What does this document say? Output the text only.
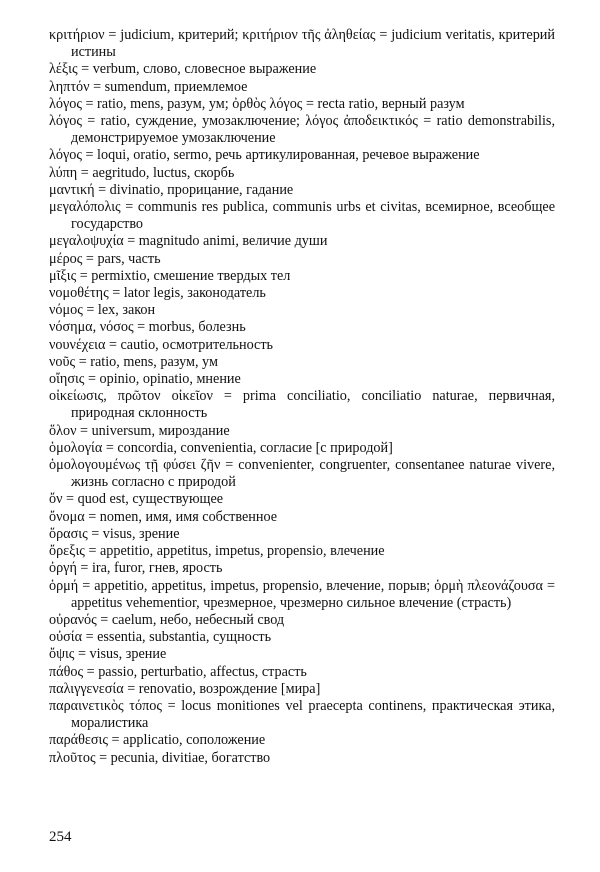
κριτήριον = judicium, критерий; κριτήριον τῆς ἀληθείας = judicium veritatis, критерий истины

λέξις = verbum, слово, словесное выражение

ληπτόν = sumendum, приемлемое

λόγος = ratio, mens, разум, ум; ὀρθὸς λόγος = recta ratio, верный разум

λόγος = ratio, суждение, умозаключение; λόγος ἀποδεικτικός = ratio demonstrabilis, демонстрируемое умозаключение

λόγος = loqui, oratio, sermo, речь артикулированная, речевое выражение

λύπη = aegritudo, luctus, скорбь

μαντική = divinatio, прорицание, гадание

μεγαλόπολις = communis res publica, communis urbs et civitas, всемирное, всеобщее государство

μεγαλοψυχία = magnitudo animi, величие души

μέρος = pars, часть

μῖξις = permixtio, смешение твердых тел

νομοθέτης = lator legis, законодатель

νόμος = lex, закон

νόσημα, νόσος = morbus, болезнь

νουνέχεια = cautio, осмотрительность

νοῦς = ratio, mens, разум, ум

οἴησις = opinio, opinatio, мнение

οἰκείωσις, πρῶτον οἰκεῖον = prima conciliatio, conciliatio naturae, первичная, природная склонность

ὅλον = universum, мироздание

ὁμολογία = concordia, convenientia, согласие [с природой]

ὁμολογουμένως τῇ φύσει ζῆν = convenienter, congruenter, consentanee naturae vivere, жизнь согласно с природой

ὄν = quod est, существующее

ὄνομα = nomen, имя, имя собственное

ὅρασις = visus, зрение

ὄρεξις = appetitio, appetitus, impetus, propensio, влечение

ὀργή = ira, furor, гнев, ярость

ὁρμή = appetitio, appetitus, impetus, propensio, влечение, порыв; ὁρμὴ πλεονάζουσα = appetitus vehementior, чрезмерное, чрезмерно сильное влечение (страсть)

οὐρανός = caelum, небо, небесный свод

οὐσία = essentia, substantia, сущность

ὄψις = visus, зрение

πάθος = passio, perturbatio, affectus, страсть

παλιγγενεσία = renovatio, возрождение [мира]

παραινετικὸς τόπος = locus monitiones vel praecepta continens, практическая этика, моралистика

παράθεσις = applicatio, соположение

πλοῦτος = pecunia, divitiae, богатство

254
